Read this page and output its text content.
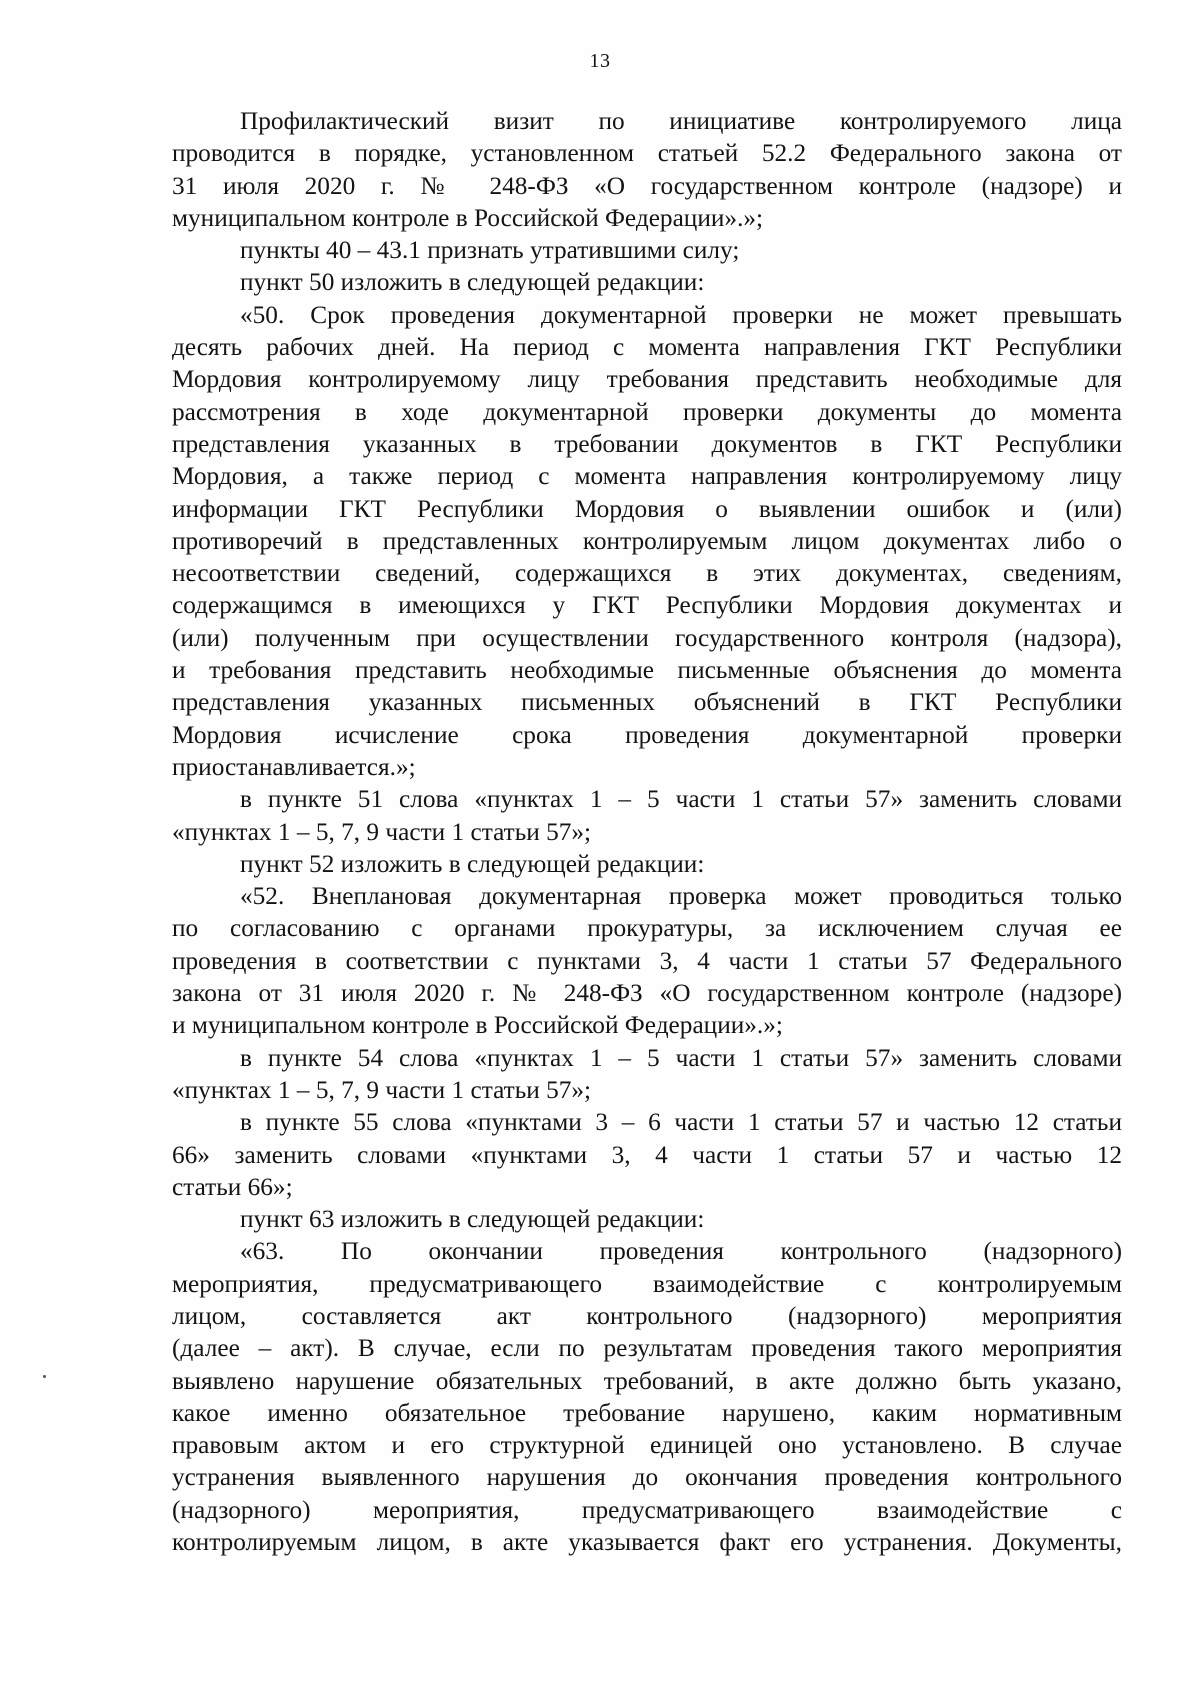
13
Профилактический визит по инициативе контролируемого лица
проводится в порядке, установленном статьей 52.2 Федерального закона от
31 июля 2020 г. № 248-ФЗ «О государственном контроле (надзоре) и
муниципальном контроле в Российской Федерации».»;
пункты 40 – 43.1 признать утратившими силу;
пункт 50 изложить в следующей редакции:
«50. Срок проведения документарной проверки не может превышать
десять рабочих дней. На период с момента направления ГКТ Республики
Мордовия контролируемому лицу требования представить необходимые для
рассмотрения в ходе документарной проверки документы до момента
представления указанных в требовании документов в ГКТ Республики
Мордовия, а также период с момента направления контролируемому лицу
информации ГКТ Республики Мордовия о выявлении ошибок и (или)
противоречий в представленных контролируемым лицом документах либо о
несоответствии сведений, содержащихся в этих документах, сведениям,
содержащимся в имеющихся у ГКТ Республики Мордовия документах и
(или) полученным при осуществлении государственного контроля (надзора),
и требования представить необходимые письменные объяснения до момента
представления указанных письменных объяснений в ГКТ Республики
Мордовия исчисление срока проведения документарной проверки
приостанавливается.»;
в пункте 51 слова «пунктах 1 – 5 части 1 статьи 57» заменить словами
«пунктах 1 – 5, 7, 9 части 1 статьи 57»;
пункт 52 изложить в следующей редакции:
«52. Внеплановая документарная проверка может проводиться только
по согласованию с органами прокуратуры, за исключением случая ее
проведения в соответствии с пунктами 3, 4 части 1 статьи 57 Федерального
закона от 31 июля 2020 г. № 248-ФЗ «О государственном контроле (надзоре)
и муниципальном контроле в Российской Федерации».»;
в пункте 54 слова «пунктах 1 – 5 части 1 статьи 57» заменить словами
«пунктах 1 – 5, 7, 9 части 1 статьи 57»;
в пункте 55 слова «пунктами 3 – 6 части 1 статьи 57 и частью 12 статьи
66» заменить словами «пунктами 3, 4 части 1 статьи 57 и частью 12
статьи 66»;
пункт 63 изложить в следующей редакции:
«63. По окончании проведения контрольного (надзорного)
мероприятия, предусматривающего взаимодействие с контролируемым
лицом, составляется акт контрольного (надзорного) мероприятия
(далее – акт). В случае, если по результатам проведения такого мероприятия
выявлено нарушение обязательных требований, в акте должно быть указано,
какое именно обязательное требование нарушено, каким нормативным
правовым актом и его структурной единицей оно установлено. В случае
устранения выявленного нарушения до окончания проведения контрольного
(надзорного) мероприятия, предусматривающего взаимодействие с
контролируемым лицом, в акте указывается факт его устранения. Документы,
